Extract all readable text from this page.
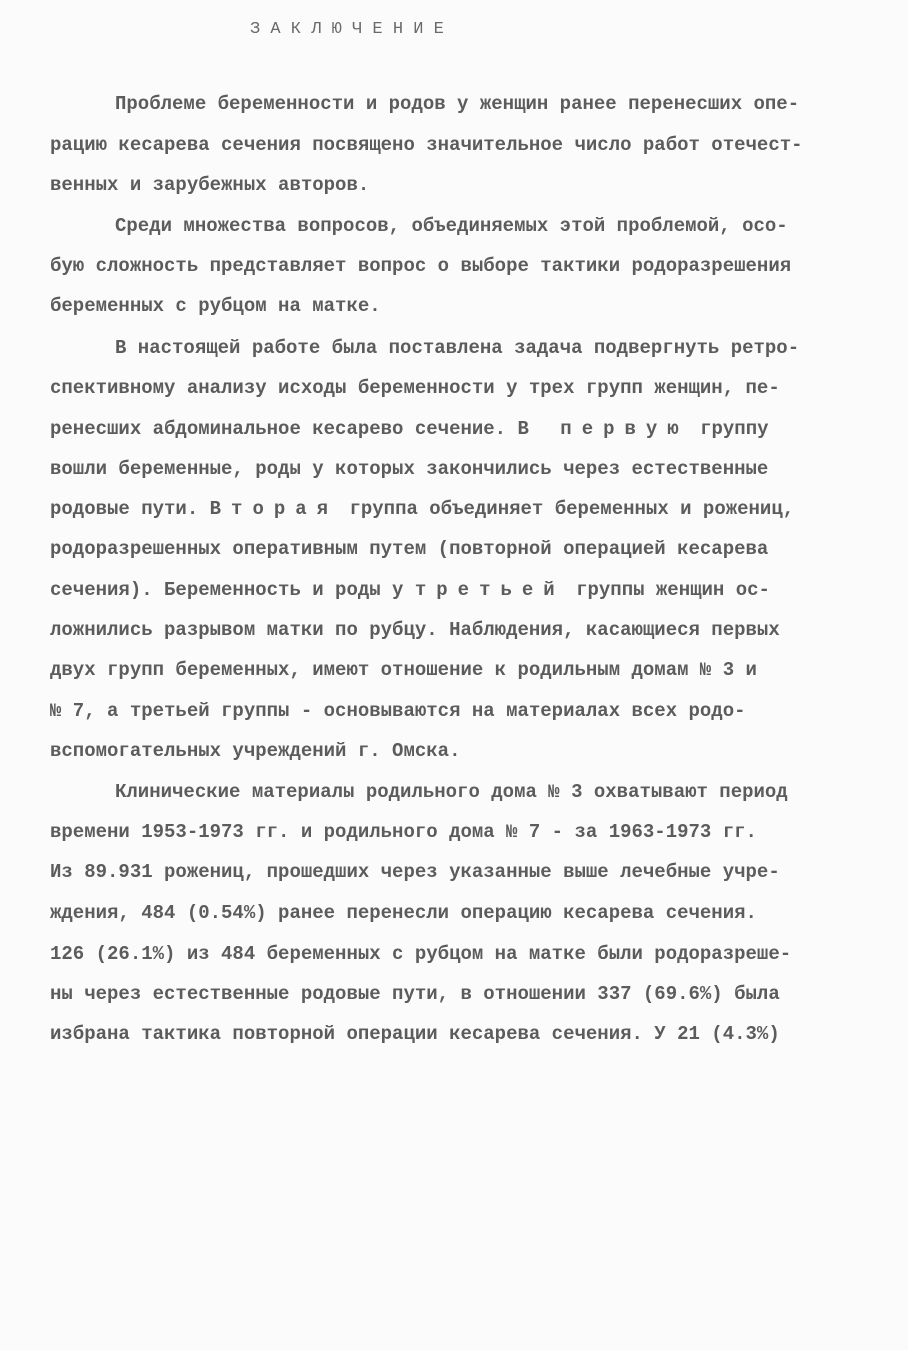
З А К Л Ю Ч Е Н И Е
Проблеме беременности и родов у женщин ранее перенесших опе-
рацию кесарева сечения посвящено значительное число работ отечест-
венных и зарубежных авторов.
Среди множества вопросов, объединяемых этой проблемой, осо-
бую сложность представляет вопрос о выборе тактики родоразрешения
беременных с рубцом на матке.
В настоящей работе была поставлена задача подвергнуть ретро-
спективному анализу исходы беременности у трех групп женщин, пе-
ренесших абдоминальное кесарево сечение. В первую группу
вошли беременные, роды у которых закончились через естественные
родовые пути. Вторая группа объединяет беременных и рожениц,
родоразрешенных оперативным путем (повторной операцией кесарева
сечения). Беременность и роды у третьей группы женщин ос-
ложнились разрывом матки по рубцу. Наблюдения, касающиеся первых
двух групп беременных, имеют отношение к родильным домам № 3 и
№ 7, а третьей группы - основываются на материалах всех родо-
вспомогательных учреждений г. Омска.
Клинические материалы родильного дома № 3 охватывают период
времени 1953-1973 гг. и родильного дома № 7 - за 1963-1973 гг.
Из 89.931 рожениц, прошедших через указанные выше лечебные учре-
ждения, 484 (0.54%) ранее перенесли операцию кесарева сечения.
126 (26.1%) из 484 беременных с рубцом на матке были родоразреше-
ны через естественные родовые пути, в отношении 337 (69.6%) была
избрана тактика повторной операции кесарева сечения. У 21 (4.3%)
